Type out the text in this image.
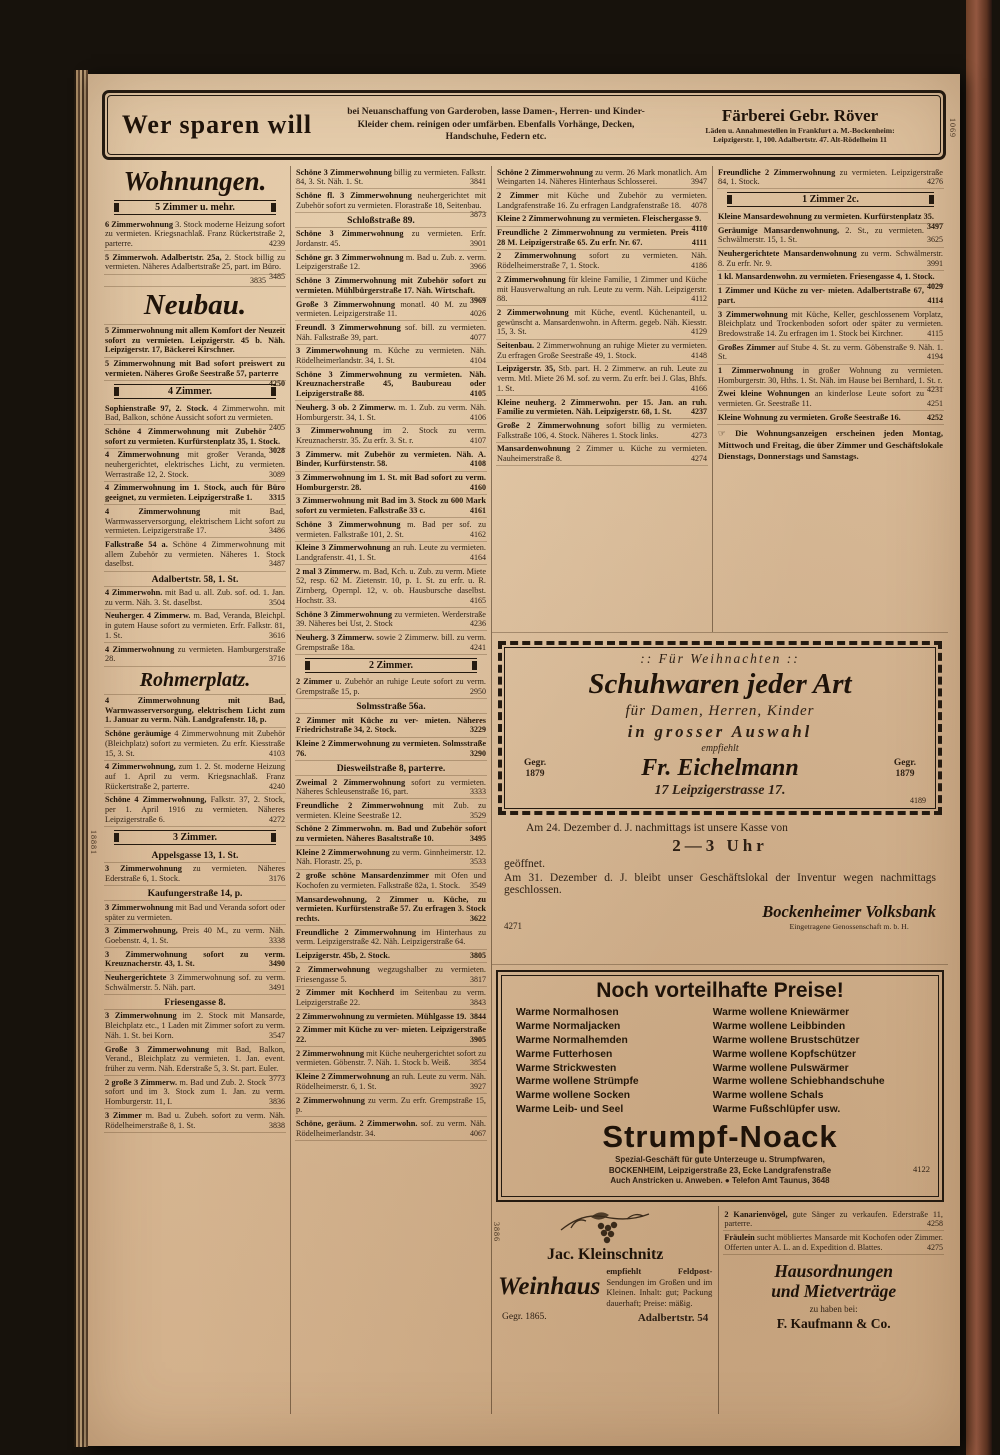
1069
18881
Wer sparen will	bei Neuanschaffung von Garderoben, lasse Damen-, Herren- und Kinder-Kleider chem. reinigen oder umfärben. Ebenfalls Vorhänge, Decken, Handschuhe, Federn etc.
Färberei Gebr. Röver
Läden u. Annahmestellen in Frankfurt a. M.-Bockenheim:
Leipzigerstr. 1, 100. Adalbertstr. 47. Alt-Rödelheim 11
Wohnungen.
5 Zimmer u. mehr.
6 Zimmerwohnung 3. Stock moderne Heizung sofort zu vermieten. Kriegsnachlaß. Franz Rückertstraße 2, parterre.	4239
5 Zimmerwoh. Adalbertstr. 25a, 2. Stock billig zu vermieten. Näheres Adalbertstraße 25, part. im Büro.
3485
3835
Neubau.
5 Zimmerwohnung mit allem Komfort der Neuzeit sofort zu vermieten. Leipzigerstr. 45 b. Näh. Leipzigerstr. 17, Bäckerei Kirschner.
5 Zimmerwohnung mit Bad sofort preiswert zu vermieten. Näheres Große Seestraße 57, parterre
4250
4 Zimmer.
Sophienstraße 97, 2. Stock. 4 Zimmerwohn. mit Bad, Balkon, schöne Aussicht sofort zu vermieten.
2405
Schöne 4 Zimmerwohnung mit Zubehör sofort zu vermieten. Kurfürstenplatz 35, 1. Stock.
3028
4 Zimmerwohnung mit großer Veranda, neuhergerichtet, elektrisches Licht, zu vermieten. Werrastraße 12, 2. Stock.	3089
4 Zimmerwohnung im 1. Stock, auch für Büro geeignet, zu vermieten. Leipzigerstraße 1.	3315
4 Zimmerwohnung mit Bad, Warmwasserversorgung, elektrischem Licht sofort zu vermieten. Leipzigerstraße 17.	3486
Falkstraße 54 a. Schöne 4 Zimmerwohnung mit allem Zubehör zu vermieten. Näheres 1. Stock daselbst.	3487
Adalbertstr. 58, 1. St.
4 Zimmerwohn. mit Bad u. all. Zub. sof. od. 1. Jan. zu verm. Näh. 3. St. daselbst.	3504
Neuherger. 4 Zimmerw. m. Bad, Veranda, Bleichpl. in gutem Hause sofort zu vermieten. Erfr. Falkstr. 81, 1. St.	3616
4 Zimmerwohnung zu vermieten. Hamburgerstraße 28.	3716
Rohmerplatz.
4 Zimmerwohnung mit Bad, Warmwasserversorgung, elektrischem Licht zum 1. Januar zu verm. Näh. Landgrafenstr. 18, p.
Schöne geräumige 4 Zimmerwohnung mit Zubehör (Bleichplatz) sofort zu vermieten. Zu erfr. Kiesstraße 15, 3. St.	4103
4 Zimmerwohnung, zum 1. 2. St. moderne Heizung auf 1. April zu verm. Kriegsnachlaß. Franz Rückertstraße 2, parterre.	4240
Schöne 4 Zimmerwohnung, Falkstr. 37, 2. Stock, per 1. April 1916 zu vermieten. Näheres Leipzigerstraße 6.	4272
3 Zimmer.
Appelsgasse 13, 1. St.
3 Zimmerwohnung zu vermieten. Näheres Ederstraße 6, 1. Stock.	3176
Kaufungerstraße 14, p.
3 Zimmerwohnung mit Bad und Veranda sofort oder später zu vermieten.
3 Zimmerwohnung, Preis 40 M., zu verm. Näh. Goebenstr. 4, 1. St.	3338
3 Zimmerwohnung sofort zu verm. Kreuznacherstr. 43, 1. St.	3490
Neuhergerichtete 3 Zimmerwohnung sof. zu verm. Schwälmerstr. 5. Näh. part.	3491
Friesengasse 8.
3 Zimmerwohnung im 2. Stock mit Mansarde, Bleichplatz etc., 1 Laden mit Zimmer sofort zu verm. Näh. 1. St. bei Korn.	3547
Große 3 Zimmerwohnung mit Bad, Balkon, Verand., Bleichplatz zu vermieten. 1. Jan. event. früher zu verm. Näh. Ederstraße 5, 3. St. part. Euler.
3773
2 große 3 Zimmerw. m. Bad und Zub. 2. Stock sofort und im 3. Stock zum 1. Jan. zu verm. Homburgerstr. 11, I.	3836
3 Zimmer m. Bad u. Zubeh. sofort zu verm. Näh. Rödelheimerstraße 8, 1. St.	3838
Schöne 3 Zimmerwohnung billig zu vermieten. Falkstr. 84, 3. St. Näh. 1. St.	3841
Schöne fl. 3 Zimmerwohnung neuhergerichtet mit Zubehör sofort zu vermieten. Florastraße 18, Seitenbau.
3873
Schloßstraße 89.
Schöne 3 Zimmerwohnung zu vermieten. Erfr. Jordanstr. 45.	3901
Schöne gr. 3 Zimmerwohnung m. Bad u. Zub. z. verm. Leipzigerstraße 12.	3966
Schöne 3 Zimmerwohnung mit Zubehör sofort zu vermieten. Mühlbürgerstraße 17. Näh. Wirtschaft.
3969
Große 3 Zimmerwohnung monatl. 40 M. zu vermieten. Leipzigerstraße 11.	4026
Freundl. 3 Zimmerwohnung sof. bill. zu vermieten. Näh. Falkstraße 39, part.	4077
3 Zimmerwohnung m. Küche zu vermieten. Näh. Rödelheimerlandstr. 34, 1. St.	4104
Schöne 3 Zimmerwohnung zu vermieten. Näh. Kreuznacherstraße 45, Baubureau oder Leipzigerstraße 88.	4105
Neuherg. 3 ob. 2 Zimmerw. m. 1. Zub. zu verm. Näh. Homburgerstr. 34, 1. St.	4106
3 Zimmerwohnung im 2. Stock zu verm. Kreuznacherstr. 35. Zu erfr. 3. St. r.	4107
3 Zimmerw. mit Zubehör zu vermieten. Näh. A. Binder, Kurfürstenstr. 58.	4108
3 Zimmerwohnung im 1. St. mit Bad sofort zu verm. Homburgerstr. 28.	4160
3 Zimmerwohnung mit Bad im 3. Stock zu 600 Mark sofort zu vermieten. Falkstraße 33 c.	4161
Schöne 3 Zimmerwohnung m. Bad per sof. zu vermieten. Falkstraße 101, 2. St.	4162
Kleine 3 Zimmerwohnung an ruh. Leute zu vermieten. Landgrafenstr. 41, 1. St.	4164
2 mal 3 Zimmerw. m. Bad, Kch. u. Zub. zu verm. Miete 52, resp. 62 M. Zietenstr. 10, p. 1. St. zu erfr. u. R. Zirnberg, Opernpl. 12, v. ob. Hausbursche daselbst. Hochstr. 33.	4165
Schöne 3 Zimmerwohnung zu vermieten. Werderstraße 39. Näheres bei Ust, 2. Stock	4236
Neuherg. 3 Zimmerw. sowie 2 Zimmerw. bill. zu verm. Grempstraße 18a.	4241
2 Zimmer.
2 Zimmer u. Zubehör an ruhige Leute sofort zu verm. Grempstraße 15, p.	2950
Solmsstraße 56a.
2 Zimmer mit Küche zu ver- mieten. Näheres Friedrichstraße 34, 2. Stock.	3229
Kleine 2 Zimmerwohnung zu vermieten. Solmsstraße 76.	3290
Diesweilstraße 8, parterre.
Zweimal 2 Zimmerwohnung sofort zu vermieten. Näheres Schleusenstraße 16, part.	3333
Freundliche 2 Zimmerwohnung mit Zub. zu vermieten. Kleine Seestraße 12.	3529
Schöne 2 Zimmerwohn. m. Bad und Zubehör sofort zu vermieten. Näheres Basaltstraße 10.	3495
Kleine 2 Zimmerwohnung zu verm. Ginnheimerstr. 12. Näh. Florastr. 25, p.	3533
2 große schöne Mansardenzimmer mit Ofen und Kochofen zu vermieten. Falkstraße 82a, 1. Stock.	3549
Mansardewohnung, 2 Zimmer u. Küche, zu vermieten. Kurfürstenstraße 57. Zu erfragen 3. Stock rechts.	3622
Freundliche 2 Zimmerwohnung im Hinterhaus zu verm. Leipzigerstraße 42. Näh. Leipzigerstraße 64.
Leipzigerstr. 45b, 2. Stock.	3805
2 Zimmerwohnung wegzugshalber zu vermieten. Friesengasse 5.	3817
2 Zimmer mit Kochherd im Seitenbau zu verm. Leipzigerstraße 22.	3843
2 Zimmerwohnung zu vermieten. Mühlgasse 19. 3844
2 Zimmer mit Küche zu ver- mieten. Leipzigerstraße 22.	3905
2 Zimmerwohnung mit Küche neuhergerichtet sofort zu vermieten. Göbenstr. 7. Näh. 1. Stock b. Weiß.	3854
Kleine 2 Zimmerwohnung an ruh. Leute zu verm. Näh. Rödelheimerstr. 6, 1. St.	3927
2 Zimmerwohnung zu verm. Zu erfr. Grempstraße 15, p.
Schöne, geräum. 2 Zimmerwohn. sof. zu verm. Näh. Rödelheimerlandstr. 34.	4067
Schöne 2 Zimmerwohnung zu verm. 26 Mark monatlich. Am Weingarten 14. Näheres Hinterhaus Schlosserei.	3947
2 Zimmer mit Küche und Zubehör zu vermieten. Landgrafenstraße 16. Zu erfragen Landgrafenstraße 18.	4078
Kleine 2 Zimmerwohnung zu vermieten. Fleischergasse 9.
4110
Freundliche 2 Zimmerwohnung zu vermieten. Preis 28 M. Leipzigerstraße 65. Zu erfr. Nr. 67.	4111
2 Zimmerwohnung sofort zu vermieten. Näh. Rödelheimerstraße 7, 1. Stock.	4186
2 Zimmerwohnung für kleine Familie, 1 Zimmer und Küche mit Hausverwaltung an ruh. Leute zu verm. Näh. Leipzigerstr. 88.	4112
2 Zimmerwohnung mit Küche, eventl. Küchenanteil, u. gewünscht a. Mansardenwohn. in Afterm. gegeb. Näh. Kiesstr. 15, 3. St.	4129
Seitenbau. 2 Zimmerwohnung an ruhige Mieter zu vermieten. Zu erfragen Große Seestraße 49, 1. Stock.	4148
Leipzigerstr. 35, Stb. part. H. 2 Zimmerw. an ruh. Leute zu verm. Mtl. Miete 26 M. sof. zu verm. Zu erfr. bei J. Glas, Bhfs. 1. St.	4166
Kleine neuherg. 2 Zimmerwohn. per 15. Jan. an ruh. Familie zu vermieten. Näh. Leipzigerstr. 68, 1. St.	4237
Große 2 Zimmerwohnung sofort billig zu vermieten. Falkstraße 106, 4. Stock. Näheres 1. Stock links.	4273
Mansardenwohnung 2 Zimmer u. Küche zu vermieten. Nauheimerstraße 8.	4274
Freundliche 2 Zimmerwohnung zu vermieten. Leipzigerstraße 84, 1. Stock.	4276
1 Zimmer 2c.
Kleine Mansardewohnung zu vermieten. Kurfürstenplatz 35.
3497
Geräumige Mansardenwohnung, 2. St., zu vermieten. Schwälmerstr. 15, 1. St.	3625
Neuhergerichtete Mansardenwohnung zu verm. Schwälmerstr. 8. Zu erfr. Nr. 9.	3991
1 kl. Mansardenwohn. zu vermieten. Friesengasse 4, 1. Stock.
4029
1 Zimmer und Küche zu ver- mieten. Adalbertstraße 67, part.	4114
3 Zimmerwohnung mit Küche, Keller, geschlossenem Vorplatz, Bleichplatz und Trockenboden sofort oder später zu vermieten. Bredowstraße 14. Zu erfragen im 1. Stock bei Kirchner.	4115
Großes Zimmer auf Stube 4. St. zu verm. Göbenstraße 9. Näh. 1. St.	4194
1 Zimmerwohnung in großer Wohnung zu vermieten. Homburgerstr. 30, Hths. 1. St. Näh. im Hause bei Bernhard, 1. St. r.
4231
Zwei kleine Wohnungen an kinderlose Leute sofort zu vermieten. Gr. Seestraße 11.	4251
Kleine Wohnung zu vermieten. Große Seestraße 16.	4252
☞ Die Wohnungsanzeigen erscheinen jeden Montag, Mittwoch und Freitag, die über Zimmer und Geschäftslokale Dienstags, Donnerstags und Samstags.
:: Für Weihnachten ::
Schuhwaren jeder Art
für Damen, Herren, Kinder
in grosser Auswahl
empfiehlt
Gegr.
1879	Fr. Eichelmann	Gegr.
1879
17 Leipzigerstrasse 17.
4189
Am 24. Dezember d. J. nachmittags ist unsere Kasse von
2—3 Uhr
geöffnet.
Am 31. Dezember d. J. bleibt unser Geschäftslokal der Inventur wegen nachmittags geschlossen.
4271
Bockenheimer Volksbank
Eingetragene Genossenschaft m. b. H.
Noch vorteilhafte Preise!
Warme Normalhosen
Warme Normaljacken
Warme Normalhemden
Warme Futterhosen
Warme Strickwesten
Warme wollene Strümpfe
Warme wollene Socken
Warme Leib- und Seel
Warme wollene Kniewärmer
Warme wollene Leibbinden
Warme wollene Brustschützer
Warme wollene Kopfschützer
Warme wollene Pulswärmer
Warme wollene Schiebhandschuhe
Warme wollene Schals
Warme Fußschlüpfer usw.
Strumpf-Noack
Spezial-Geschäft für gute Unterzeuge u. Strumpfwaren,
BOCKENHEIM, Leipzigerstraße 23, Ecke Landgrafenstraße
Auch Anstricken u. Anweben. ● Telefon Amt Taunus, 3648
4122
3886
Jac. Kleinschnitz
Weinhaus
empfiehlt Feldpost-Sendungen im Großen und im Kleinen. Inhalt: gut; Packung dauerhaft; Preise: mäßig.
Gegr. 1865.	Adalbertstr. 54
2 Kanarienvögel, gute Sänger zu verkaufen. Ederstraße 11, parterre.	4258
Fräulein sucht möbliertes Mansarde mit Kochofen oder Zimmer. Offerten unter A. L. an d. Expedition d. Blattes.	4275
Hausordnungen
und Mietverträge
zu haben bei:
F. Kaufmann & Co.
